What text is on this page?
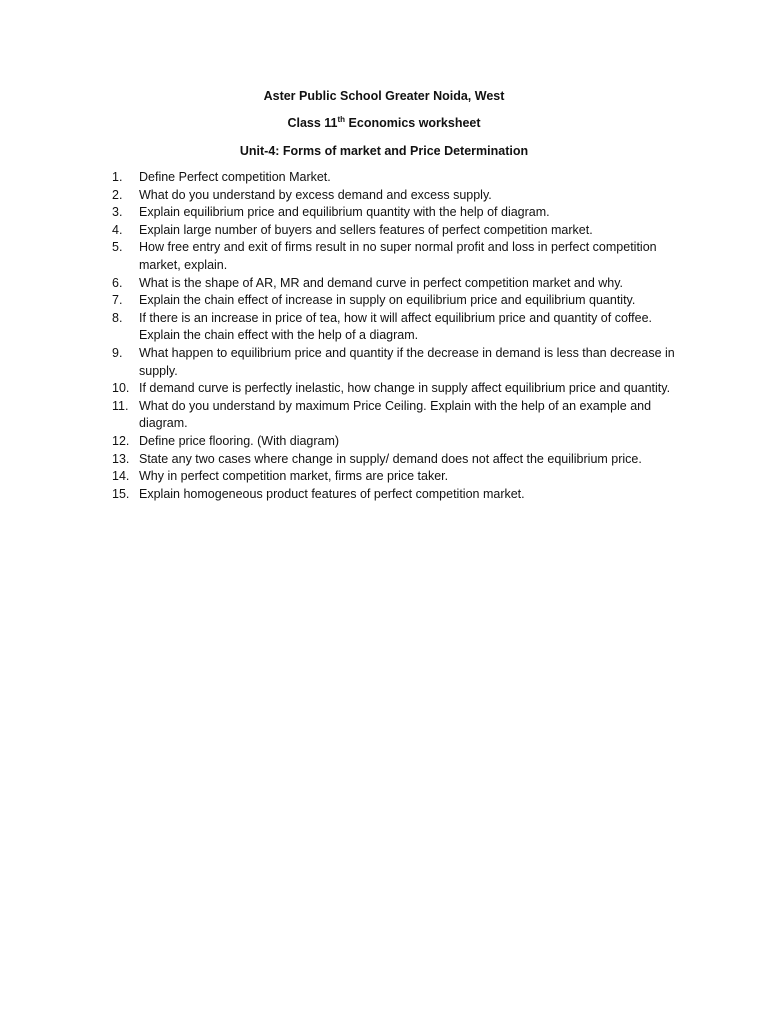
Aster Public School Greater Noida, West
Class 11th Economics worksheet
Unit-4: Forms of market and Price Determination
1.	Define Perfect competition Market.
2.	What do you understand by excess demand and excess supply.
3.	Explain equilibrium price and equilibrium quantity with the help of diagram.
4.	Explain large number of buyers and sellers features of perfect competition market.
5.	How free entry and exit of firms result in no super normal profit and loss in perfect competition market, explain.
6.	What is the shape of AR, MR and demand curve in perfect competition market and why.
7.	Explain the chain effect of increase in supply on equilibrium price and equilibrium quantity.
8.	If there is an increase in price of tea, how it will affect equilibrium price and quantity of coffee. Explain the chain effect with the help of a diagram.
9.	What happen to equilibrium price and quantity if the decrease in demand is less than decrease in supply.
10. If demand curve is perfectly inelastic, how change in supply affect equilibrium price and quantity.
11. What do you understand by maximum Price Ceiling. Explain with the help of an example and diagram.
12. Define price flooring. (With diagram)
13. State any two cases where change in supply/ demand does not affect the equilibrium price.
14. Why in perfect competition market, firms are price taker.
15. Explain homogeneous product features of perfect competition market.
